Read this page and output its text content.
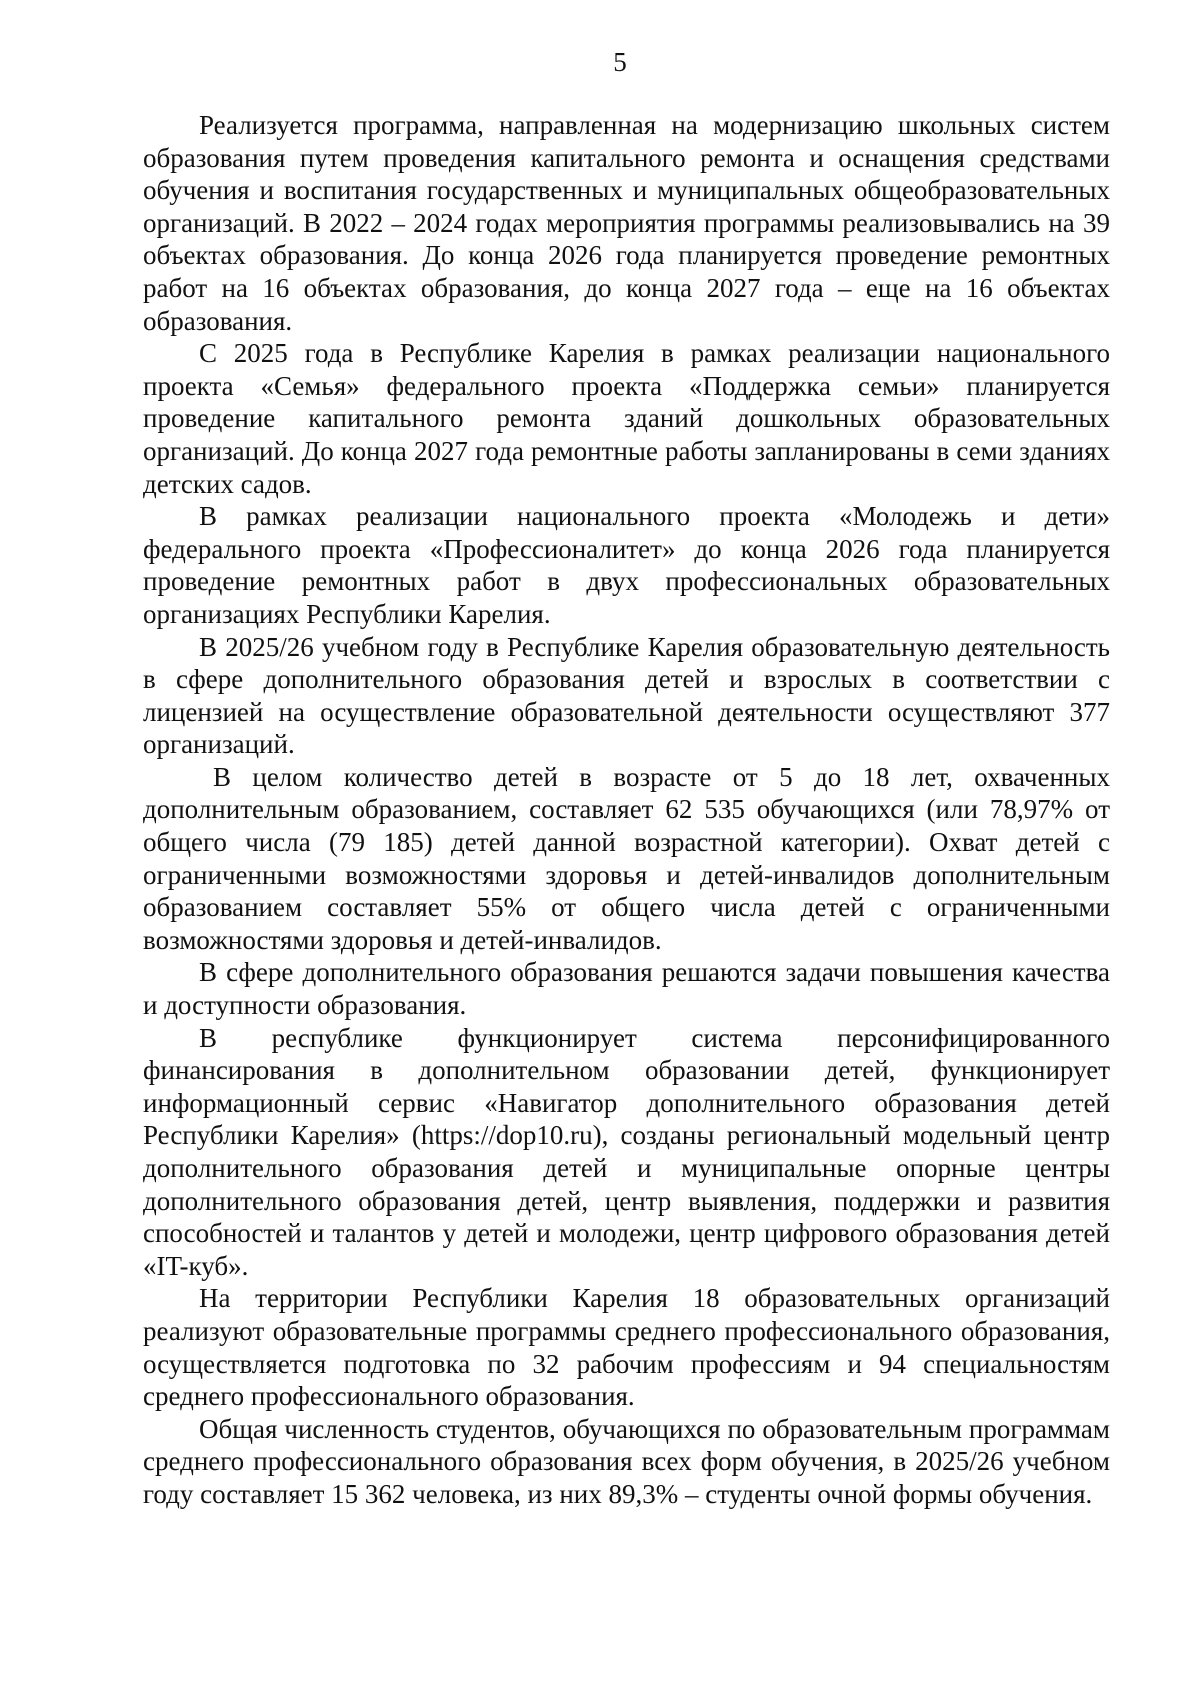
5

Реализуется программа, направленная на модернизацию школьных систем образования путем проведения капитального ремонта и оснащения средствами обучения и воспитания государственных и муниципальных общеобразовательных организаций. В 2022 – 2024 годах мероприятия программы реализовывались на 39 объектах образования. До конца 2026 года планируется проведение ремонтных работ на 16 объектах образования, до конца 2027 года – еще на 16 объектах образования.

С 2025 года в Республике Карелия в рамках реализации национального проекта «Семья» федерального проекта «Поддержка семьи» планируется проведение капитального ремонта зданий дошкольных образовательных организаций. До конца 2027 года ремонтные работы запланированы в семи зданиях детских садов.

В рамках реализации национального проекта «Молодежь и дети» федерального проекта «Профессионалитет» до конца 2026 года планируется проведение ремонтных работ в двух профессиональных образовательных организациях Республики Карелия.

В 2025/26 учебном году в Республике Карелия образовательную деятельность в сфере дополнительного образования детей и взрослых в соответствии с лицензией на осуществление образовательной деятельности осуществляют 377 организаций.

В целом количество детей в возрасте от 5 до 18 лет, охваченных дополнительным образованием, составляет 62 535 обучающихся (или 78,97% от общего числа (79 185) детей данной возрастной категории). Охват детей с ограниченными возможностями здоровья и детей-инвалидов дополнительным образованием составляет 55% от общего числа детей с ограниченными возможностями здоровья и детей-инвалидов.

В сфере дополнительного образования решаются задачи повышения качества и доступности образования.

В республике функционирует система персонифицированного финансирования в дополнительном образовании детей, функционирует информационный сервис «Навигатор дополнительного образования детей Республики Карелия» (https://dop10.ru), созданы региональный модельный центр дополнительного образования детей и муниципальные опорные центры дополнительного образования детей, центр выявления, поддержки и развития способностей и талантов у детей и молодежи, центр цифрового образования детей «IT-куб».

На территории Республики Карелия 18 образовательных организаций реализуют образовательные программы среднего профессионального образования, осуществляется подготовка по 32 рабочим профессиям и 94 специальностям среднего профессионального образования.

Общая численность студентов, обучающихся по образовательным программам среднего профессионального образования всех форм обучения, в 2025/26 учебном году составляет 15 362 человека, из них 89,3% – студенты очной формы обучения.
